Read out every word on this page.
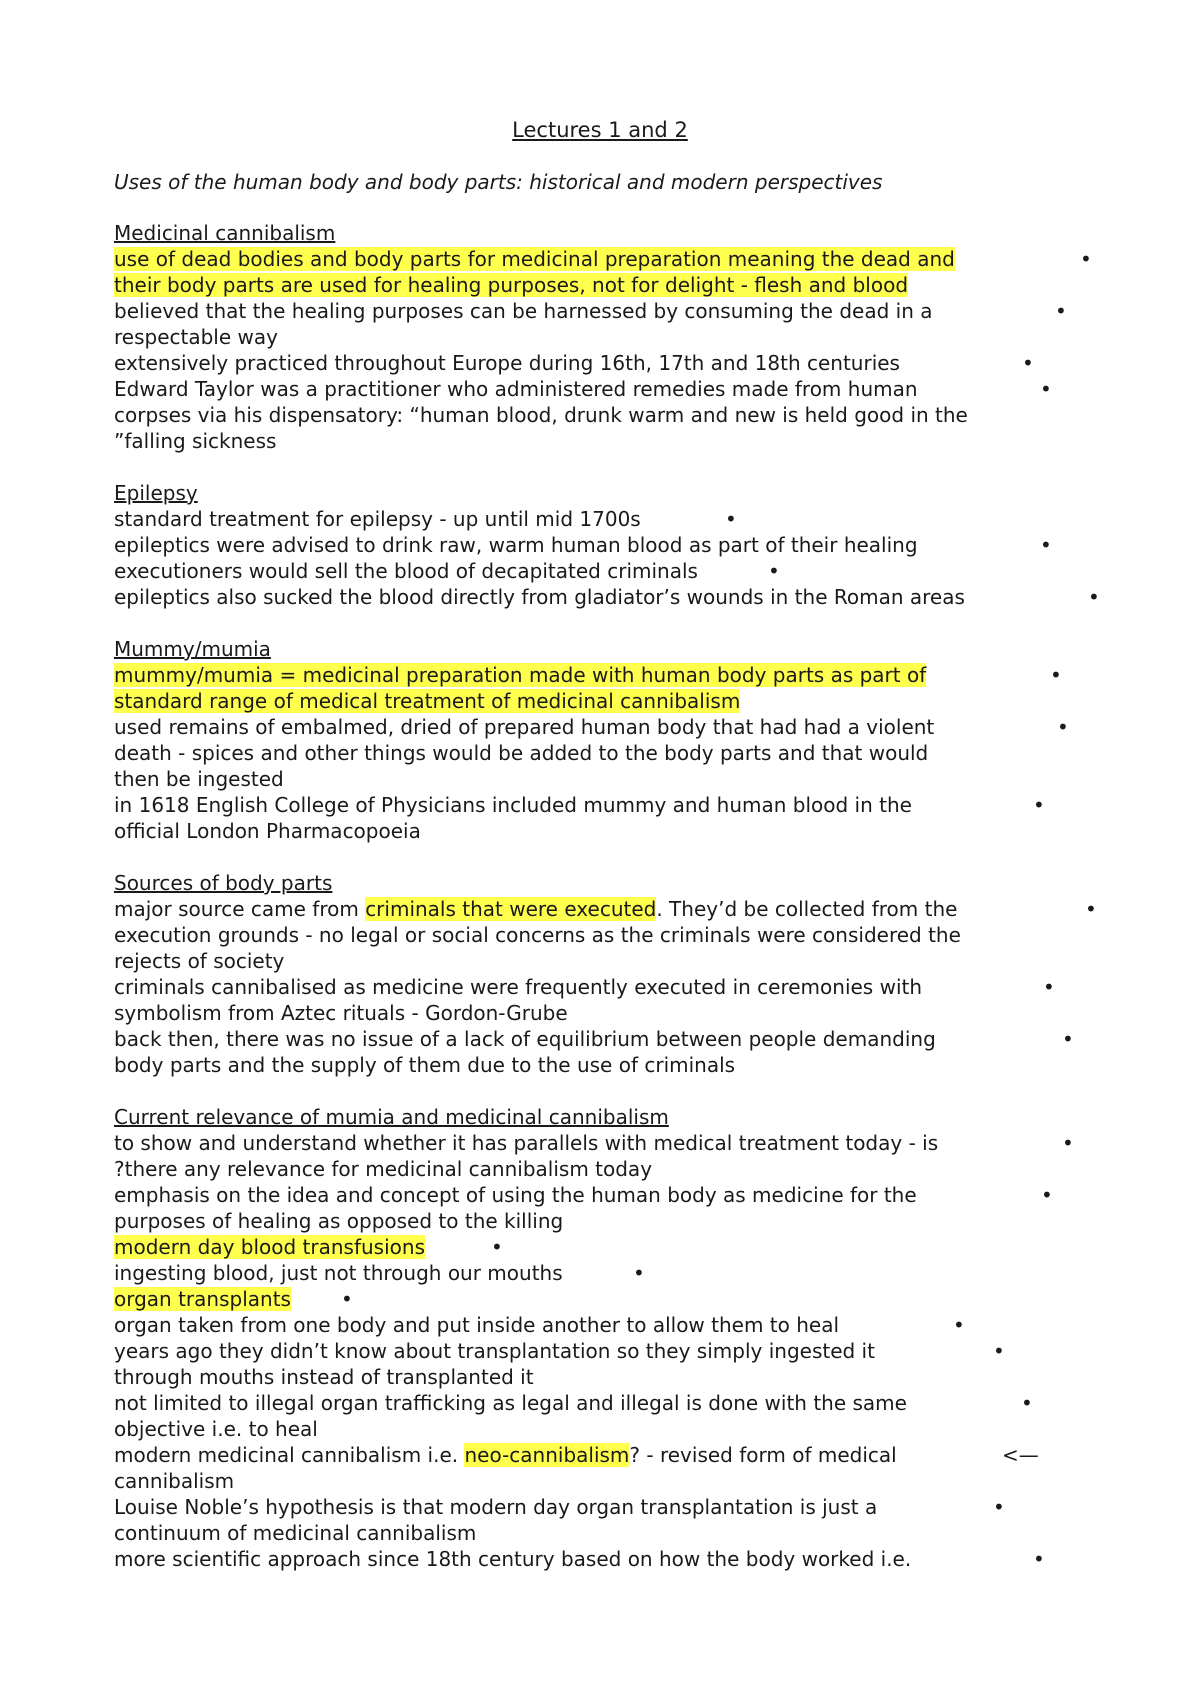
Lectures 1 and 2
Uses of the human body and body parts: historical and modern perspectives
Medicinal cannibalism
use of dead bodies and body parts for medicinal preparation meaning the dead and
their body parts are used for healing purposes, not for delight - flesh and blood
believed that the healing purposes can be harnessed by consuming the dead in a
respectable way
extensively practiced throughout Europe during 16th, 17th and 18th centuries
Edward Taylor was a practitioner who administered remedies made from human
corpses via his dispensatory: “human blood, drunk warm and new is held good in the
”falling sickness
Epilepsy
standard treatment for epilepsy - up until mid 1700s
epileptics were advised to drink raw, warm human blood as part of their healing
executioners would sell the blood of decapitated criminals
epileptics also sucked the blood directly from gladiator’s wounds in the Roman areas
Mummy/mumia
mummy/mumia = medicinal preparation made with human body parts as part of
standard range of medical treatment of medicinal cannibalism
used remains of embalmed, dried of prepared human body that had had a violent
death - spices and other things would be added to the body parts and that would
then be ingested
in 1618 English College of Physicians included mummy and human blood in the
official London Pharmacopoeia
Sources of body parts
major source came from criminals that were executed. They’d be collected from the
execution grounds - no legal or social concerns as the criminals were considered the
rejects of society
criminals cannibalised as medicine were frequently executed in ceremonies with
symbolism from Aztec rituals - Gordon-Grube
back then, there was no issue of a lack of equilibrium between people demanding
body parts and the supply of them due to the use of criminals
Current relevance of mumia and medicinal cannibalism
to show and understand whether it has parallels with medical treatment today - is
?there any relevance for medicinal cannibalism today
emphasis on the idea and concept of using the human body as medicine for the
purposes of healing as opposed to the killing
modern day blood transfusions
ingesting blood, just not through our mouths
organ transplants
organ taken from one body and put inside another to allow them to heal
years ago they didn’t know about transplantation so they simply ingested it
through mouths instead of transplanted it
not limited to illegal organ trafficking as legal and illegal is done with the same
objective i.e. to heal
modern medicinal cannibalism i.e. neo-cannibalism? - revised form of medical
cannibalism
Louise Noble’s hypothesis is that modern day organ transplantation is just a
continuum of medicinal cannibalism
more scientific approach since 18th century based on how the body worked i.e.
•
•
•
•
•
•
•
•
•
•
•
•
•
•
•
•
•
•
•
•
•
•
<—
•
•
